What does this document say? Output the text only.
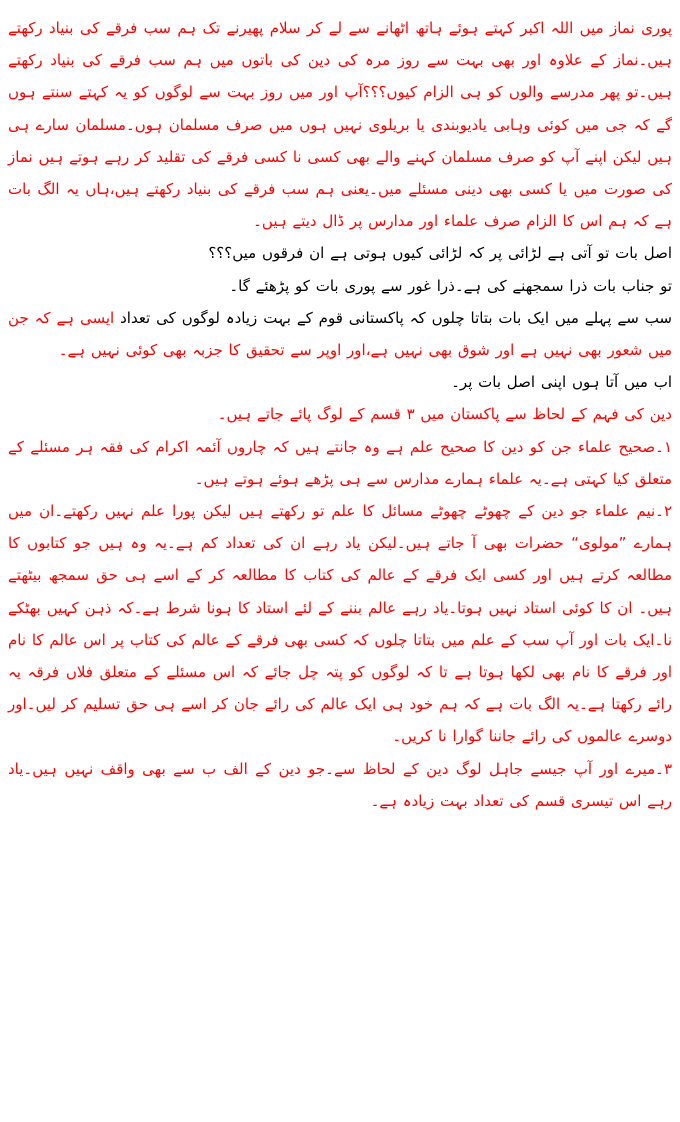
پوری نماز میں اللہ اکبر کہتے ہوئے ہاتھ اٹھانے سے لے کر سلام پھیرنے تک ہم سب فرقے کی بنیاد رکھتے ہیں۔نماز کے علاوہ اور بھی بہت سے روز مرہ کی دین کی باتوں میں ہم سب فرقے کی بنیاد رکھتے ہیں۔تو پھر مدرسے والوں کو ہی الزام کیوں؟؟؟آپ اور میں روز بہت سے لوگوں کو یہ کہتے سنتے ہوں گے کہ جی میں کوئی وہابی یادیوبندی یا بریلوی نہیں ہوں میں صرف مسلمان ہوں۔مسلمان سارے ہی ہیں لیکن اپنے آپ کو صرف مسلمان کہنے والے بھی کسی نا کسی فرقے کی تقلید کر رہے ہوتے ہیں نماز کی صورت میں یا کسی بھی دینی مسئلے میں۔یعنی ہم سب فرقے کی بنیاد رکھتے ہیں،ہاں یہ الگ بات ہے کہ ہم اس کا الزام صرف علماء اور مدارس پر ڈال دیتے ہیں۔

اصل بات تو آتی ہے لڑائی پر کہ لڑائی کیوں ہوتی ہے ان فرقوں میں؟؟؟

تو جناب بات ذرا سمجھنے کی ہے۔ذرا غور سے پوری بات کو پڑھئے گا۔

سب سے پہلے میں ایک بات بتاتا چلوں کہ پاکستانی قوم کے بہت زیادہ لوگوں کی تعداد ایسی ہے کہ جن میں شعور بھی نہیں ہے اور شوق بھی نہیں ہے،اور اوپر سے تحقیق کا جزبہ بھی کوئی نہیں ہے۔

اب میں آتا ہوں اپنی اصل بات پر۔

دین کی فہم کے لحاظ سے پاکستان میں ۳ قسم کے لوگ پائے جاتے ہیں۔

۱۔صحیح علماء جن کو دین کا صحیح علم ہے وہ جانتے ہیں کہ چاروں آئمہ اکرام کی فقہ ہر مسئلے کے متعلق کیا کہتی ہے۔یہ علماء ہمارے مدارس سے ہی پڑھے ہوئے ہوتے ہیں۔

۲۔نیم علماء جو دین کے چھوٹے چھوٹے مسائل کا علم تو رکھتے ہیں لیکن پورا علم نہیں رکھتے۔ان میں ہمارے ”مولوی“ حضرات بھی آ جاتے ہیں۔لیکن یاد رہے ان کی تعداد کم ہے۔یہ وہ ہیں جو کتابوں کا مطالعہ کرتے ہیں اور کسی ایک فرقے کے عالم کی کتاب کا مطالعہ کر کے اسے ہی حق سمجھ بیٹھتے ہیں۔ ان کا کوئی استاد نہیں ہوتا۔یاد رہے عالم بننے کے لئے استاد کا ہونا شرط ہے۔کہ ذہن کہیں بھٹکے نا۔ایک بات اور آپ سب کے علم میں بتاتا چلوں کہ کسی بھی فرقے کے عالم کی کتاب پر اس عالم کا نام اور فرقے کا نام بھی لکھا ہوتا ہے تا کہ لوگوں کو پتہ چل جائے کہ اس مسئلے کے متعلق فلاں فرقہ یہ رائے رکھتا ہے۔یہ الگ بات ہے کہ ہم خود ہی ایک عالم کی رائے جان کر اسے ہی حق تسلیم کر لیں۔اور دوسرے عالموں کی رائے جاننا گوارا نا کریں۔

۳۔میرے اور آپ جیسے جاہل لوگ دین کے لحاظ سے۔جو دین کے الف ب سے بھی واقف نہیں ہیں۔یاد رہے اس تیسری قسم کی تعداد بہت زیادہ ہے۔
